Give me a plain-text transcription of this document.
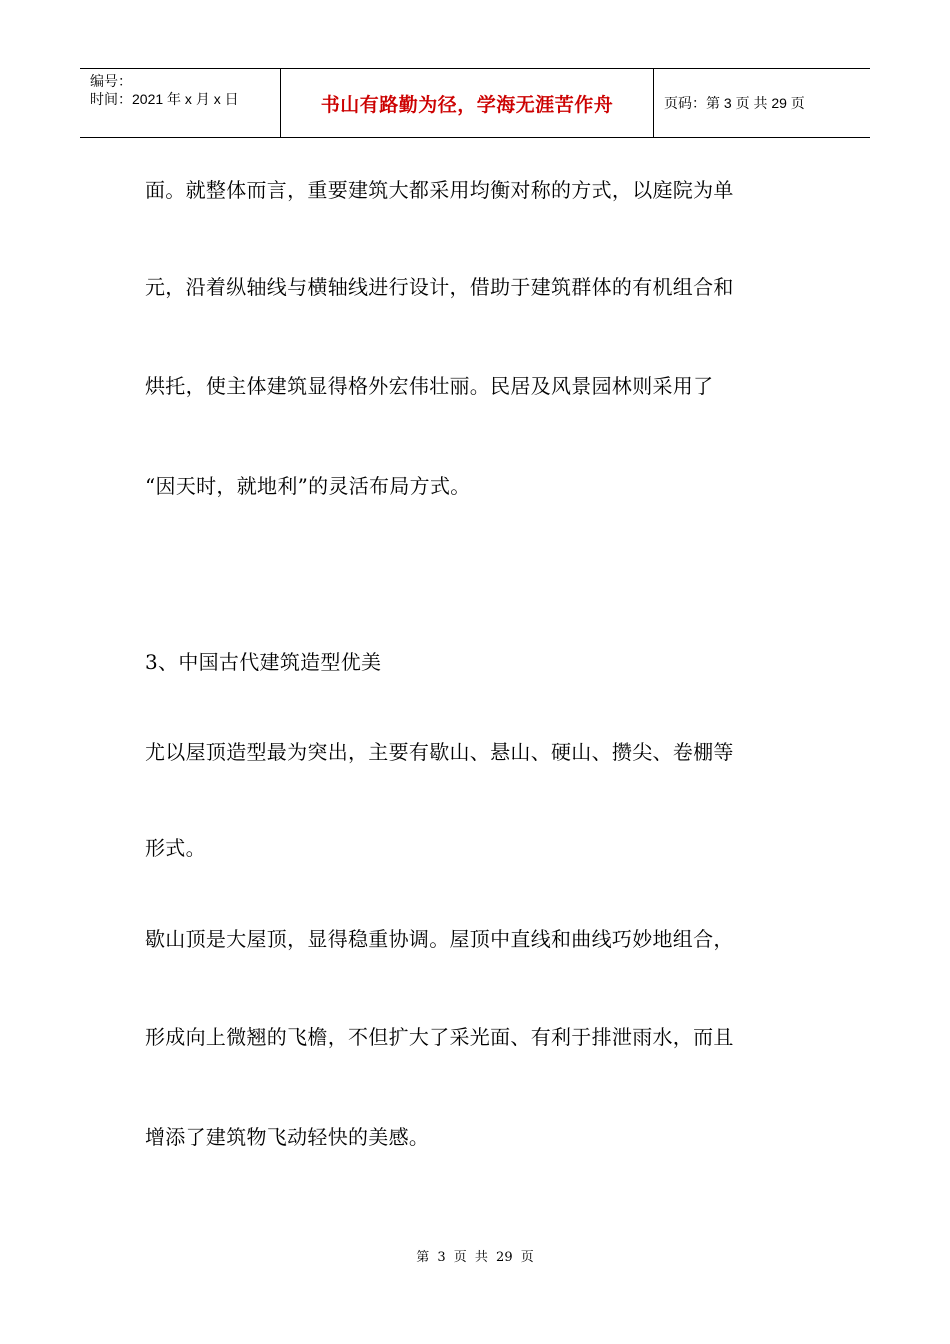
编号：
时间：2021 年 x 月 x 日	书山有路勤为径，学海无涯苦作舟	页码：第 3 页 共 29 页

面。就整体而言，重要建筑大都采用均衡对称的方式，以庭院为单

元，沿着纵轴线与横轴线进行设计，借助于建筑群体的有机组合和

烘托，使主体建筑显得格外宏伟壮丽。民居及风景园林则采用了

“因天时，就地利”的灵活布局方式。

3、中国古代建筑造型优美

尤以屋顶造型最为突出，主要有歇山、悬山、硬山、攒尖、卷棚等

形式。

歇山顶是大屋顶，显得稳重协调。屋顶中直线和曲线巧妙地组合，

形成向上微翘的飞檐，不但扩大了采光面、有利于排泄雨水，而且

增添了建筑物飞动轻快的美感。

第 3 页 共 29 页
